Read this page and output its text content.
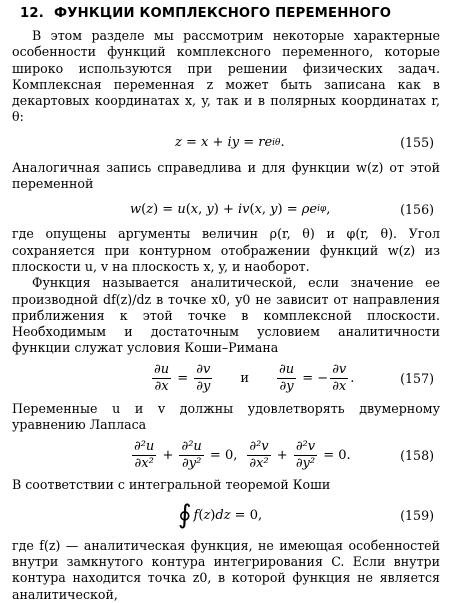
12. ФУНКЦИИ КОМПЛЕКСНОГО ПЕРЕМЕННОГО

В этом разделе мы рассмотрим некоторые характерные особенности функций комплексного переменного, которые широко используются при решении физических задач. Комплексная переменная z может быть записана как в декартовых координатах x, y, так и в полярных координатах r, θ:

z = x + iy = re iθ .	(155)

Аналогичная запись справедлива и для функции w(z) от этой переменной

w ( z ) = u ( x , y ) + iv ( x , y ) = ρe iφ ,	(156)

где опущены аргументы величин ρ(r, θ) и φ(r, θ). Угол сохраняется при контурном отображении функций w(z) из плоскости u, v на плоскость x, y, и наоборот.

Функция называется аналитической, если значение ее производной df(z)/dz в точке x0, y0 не зависит от направления приближения к этой точке в комплексной плоскости. Необходимым и достаточным условием аналитичности функции служат условия Коши–Римана

$\frac{\partial u}{\partial x} = \frac{\partial v}{\partial y}$ и $\frac{\partial u}{\partial y}$ = − $\frac{\partial v}{\partial x}$ .	(157)

Переменные u и v должны удовлетворять двумерному уравнению Лапласа

$\frac{\text{∂²u}}{\text{∂x²}} + \frac{\text{∂²u}}{\text{∂y²}} = 0$, $\frac{\text{∂²v}}{\text{∂x²}} + \frac{\text{∂²v}}{\text{∂y²}} = 0$.	(158)

В соответствии с интегральной теоремой Коши

∮ f ( z ) dz = 0,	(159)

где f(z) — аналитическая функция, не имеющая особенностей внутри замкнутого контура интегрирования C. Если внутри контура находится точка z0, в которой функция не является аналитической,
